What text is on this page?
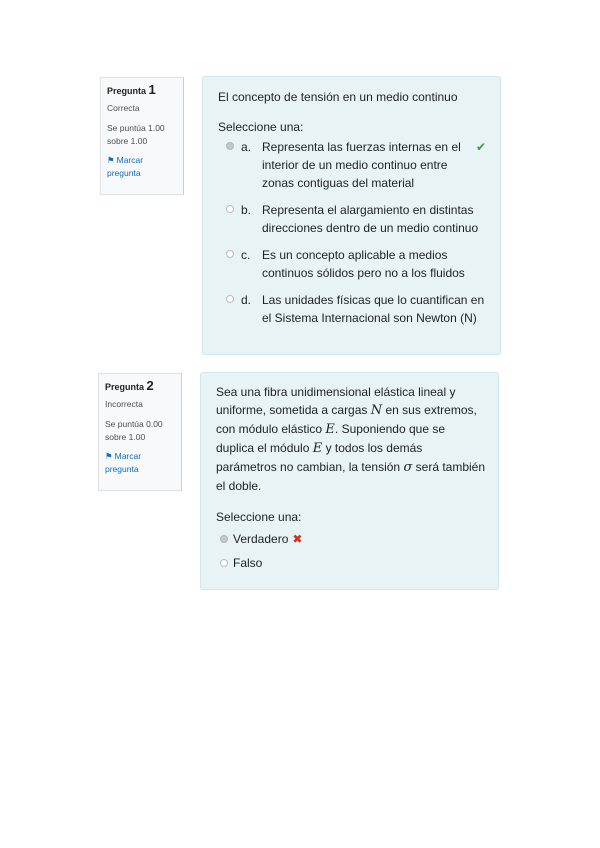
Pregunta 1
Correcta
Se puntúa 1.00 sobre 1.00
⚑ Marcar pregunta
El concepto de tensión en un medio continuo
Seleccione una:
a. Representa las fuerzas internas en el interior de un medio continuo entre zonas contiguas del material
✔
b. Representa el alargamiento en distintas direcciones dentro de un medio continuo
c. Es un concepto aplicable a medios continuos sólidos pero no a los fluidos
d. Las unidades físicas que lo cuantifican en el Sistema Internacional son Newton (N)
Pregunta 2
Incorrecta
Se puntúa 0.00 sobre 1.00
⚑ Marcar pregunta
Sea una fibra unidimensional elástica lineal y uniforme, sometida a cargas N en sus extremos, con módulo elástico E. Suponiendo que se duplica el módulo E y todos los demás parámetros no cambian, la tensión σ será también el doble.
Seleccione una:
Verdadero ✖
Falso
